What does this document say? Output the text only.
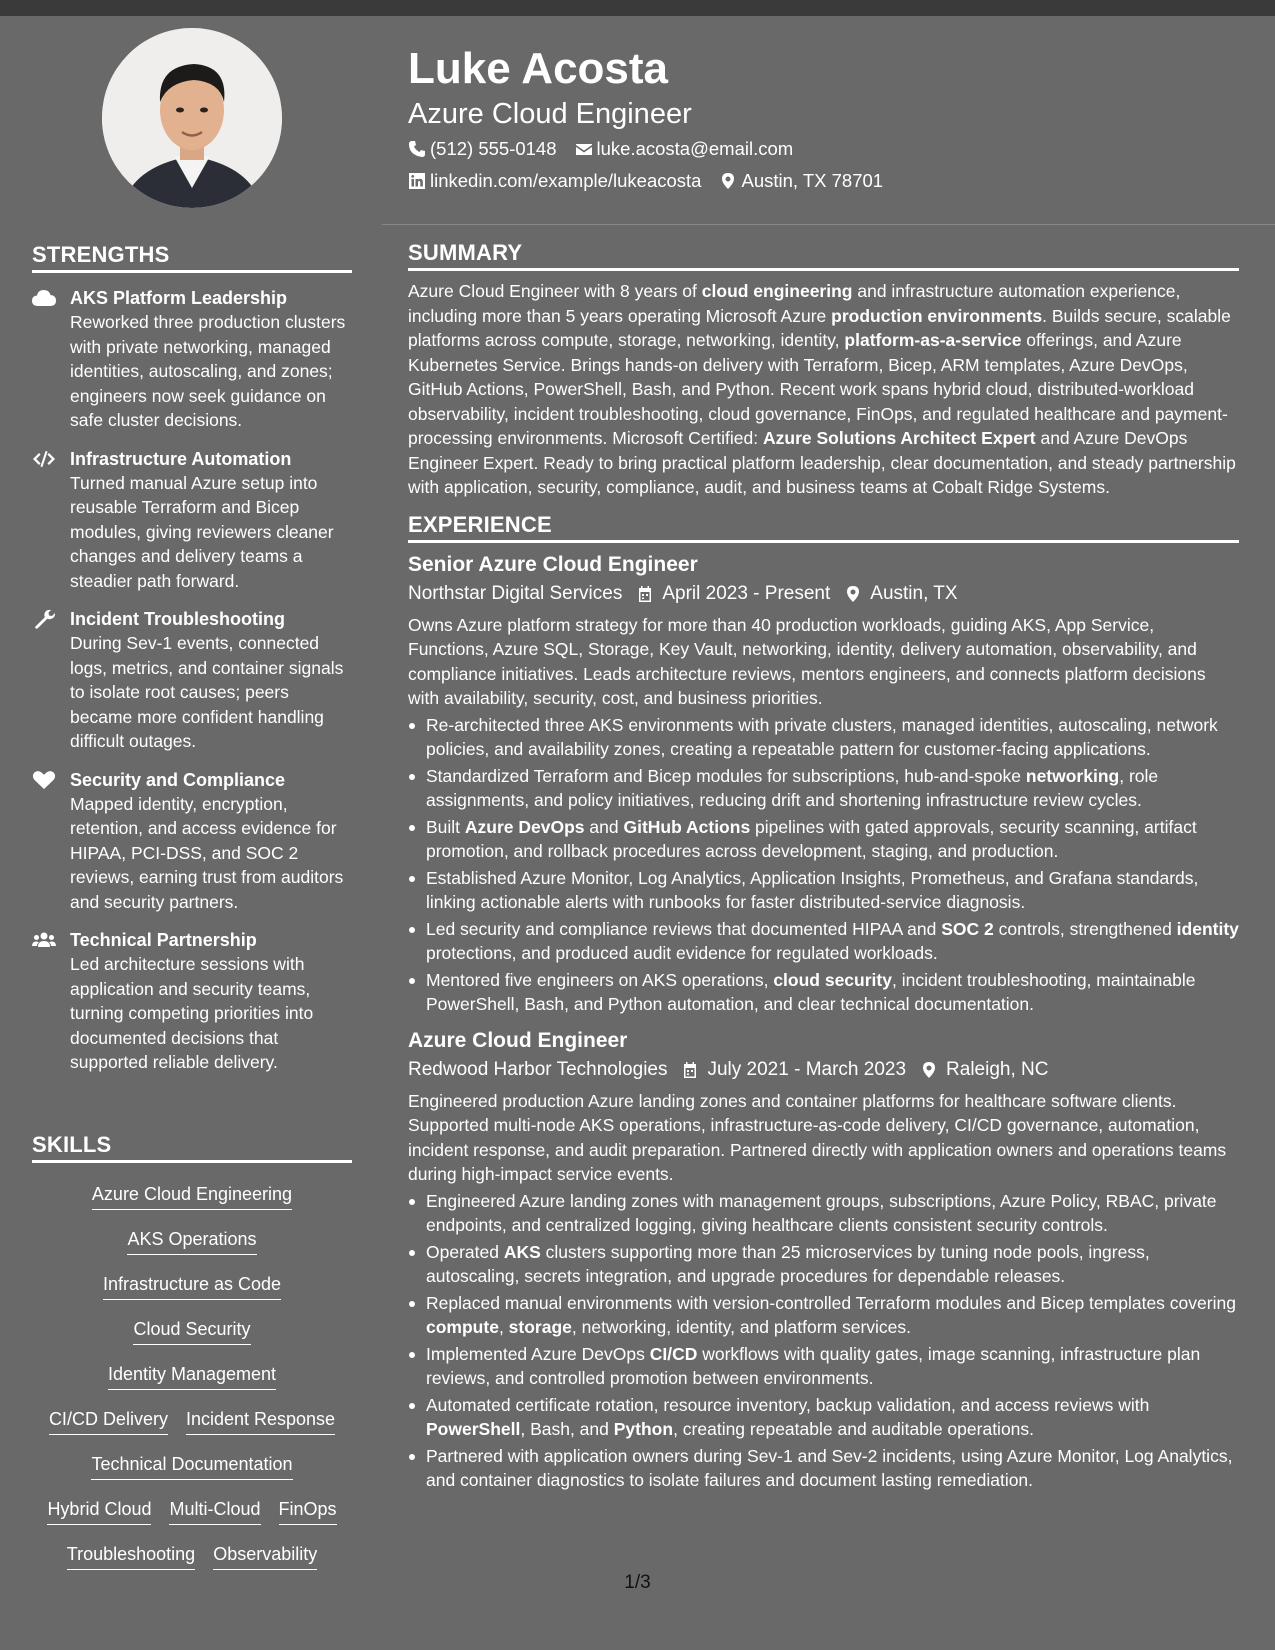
STRENGTHS
AKS Platform Leadership
Reworked three production clusters with private networking, managed identities, autoscaling, and zones; engineers now seek guidance on safe cluster decisions.
Infrastructure Automation
Turned manual Azure setup into reusable Terraform and Bicep modules, giving reviewers cleaner changes and delivery teams a steadier path forward.
Incident Troubleshooting
During Sev-1 events, connected logs, metrics, and container signals to isolate root causes; peers became more confident handling difficult outages.
Security and Compliance
Mapped identity, encryption, retention, and access evidence for HIPAA, PCI-DSS, and SOC 2 reviews, earning trust from auditors and security partners.
Technical Partnership
Led architecture sessions with application and security teams, turning competing priorities into documented decisions that supported reliable delivery.
SKILLS
Azure Cloud Engineering
AKS Operations
Infrastructure as Code
Cloud Security
Identity Management
CI/CD Delivery Incident Response
Technical Documentation
Hybrid Cloud Multi-Cloud FinOps
Troubleshooting Observability
Luke Acosta
Azure Cloud Engineer
(512) 555-0148 luke.acosta@email.com
linkedin.com/example/lukeacosta Austin, TX 78701
SUMMARY

Azure Cloud Engineer with 8 years of cloud engineering and infrastructure automation experience, including more than 5 years operating Microsoft Azure production environments. Builds secure, scalable platforms across compute, storage, networking, identity, platform-as-a-service offerings, and Azure Kubernetes Service. Brings hands-on delivery with Terraform, Bicep, ARM templates, Azure DevOps, GitHub Actions, PowerShell, Bash, and Python. Recent work spans hybrid cloud, distributed-workload observability, incident troubleshooting, cloud governance, FinOps, and regulated healthcare and payment-processing environments. Microsoft Certified: Azure Solutions Architect Expert and Azure DevOps Engineer Expert. Ready to bring practical platform leadership, clear documentation, and steady partnership with application, security, compliance, audit, and business teams at Cobalt Ridge Systems.

EXPERIENCE
Senior Azure Cloud Engineer
Northstar Digital Services April 2023 - Present Austin, TX

Owns Azure platform strategy for more than 40 production workloads, guiding AKS, App Service, Functions, Azure SQL, Storage, Key Vault, networking, identity, delivery automation, observability, and compliance initiatives. Leads architecture reviews, mentors engineers, and connects platform decisions with availability, security, cost, and business priorities.

Re-architected three AKS environments with private clusters, managed identities, autoscaling, network policies, and availability zones, creating a repeatable pattern for customer-facing applications.
Standardized Terraform and Bicep modules for subscriptions, hub-and-spoke networking, role assignments, and policy initiatives, reducing drift and shortening infrastructure review cycles.
Built Azure DevOps and GitHub Actions pipelines with gated approvals, security scanning, artifact promotion, and rollback procedures across development, staging, and production.
Established Azure Monitor, Log Analytics, Application Insights, Prometheus, and Grafana standards, linking actionable alerts with runbooks for faster distributed-service diagnosis.
Led security and compliance reviews that documented HIPAA and SOC 2 controls, strengthened identity protections, and produced audit evidence for regulated workloads.
Mentored five engineers on AKS operations, cloud security, incident troubleshooting, maintainable PowerShell, Bash, and Python automation, and clear technical documentation.
Azure Cloud Engineer
Redwood Harbor Technologies July 2021 - March 2023 Raleigh, NC

Engineered production Azure landing zones and container platforms for healthcare software clients. Supported multi-node AKS operations, infrastructure-as-code delivery, CI/CD governance, automation, incident response, and audit preparation. Partnered directly with application owners and operations teams during high-impact service events.

Engineered Azure landing zones with management groups, subscriptions, Azure Policy, RBAC, private endpoints, and centralized logging, giving healthcare clients consistent security controls.
Operated AKS clusters supporting more than 25 microservices by tuning node pools, ingress, autoscaling, secrets integration, and upgrade procedures for dependable releases.
Replaced manual environments with version-controlled Terraform modules and Bicep templates covering compute, storage, networking, identity, and platform services.
Implemented Azure DevOps CI/CD workflows with quality gates, image scanning, infrastructure plan reviews, and controlled promotion between environments.
Automated certificate rotation, resource inventory, backup validation, and access reviews with PowerShell, Bash, and Python, creating repeatable and auditable operations.
Partnered with application owners during Sev-1 and Sev-2 incidents, using Azure Monitor, Log Analytics, and container diagnostics to isolate failures and document lasting remediation.
1/3
